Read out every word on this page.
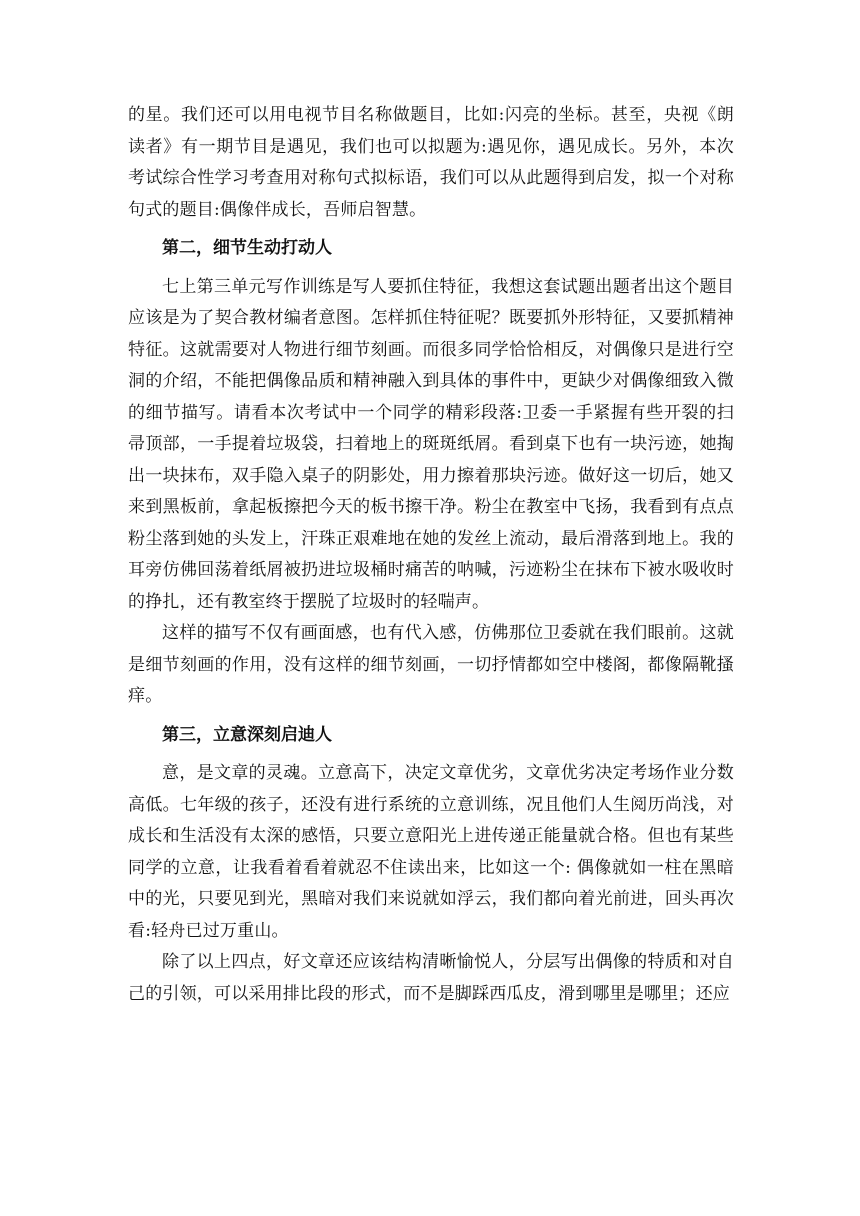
的星。我们还可以用电视节目名称做题目，比如:闪亮的坐标。甚至，央视《朗读者》有一期节目是遇见，我们也可以拟题为:遇见你，遇见成长。另外，本次考试综合性学习考查用对称句式拟标语，我们可以从此题得到启发，拟一个对称句式的题目:偶像伴成长，吾师启智慧。

第二，细节生动打动人

七上第三单元写作训练是写人要抓住特征，我想这套试题出题者出这个题目应该是为了契合教材编者意图。怎样抓住特征呢？既要抓外形特征，又要抓精神特征。这就需要对人物进行细节刻画。而很多同学恰恰相反，对偶像只是进行空洞的介绍，不能把偶像品质和精神融入到具体的事件中，更缺少对偶像细致入微的细节描写。请看本次考试中一个同学的精彩段落:卫委一手紧握有些开裂的扫帚顶部，一手提着垃圾袋，扫着地上的斑斑纸屑。看到桌下也有一块污迹，她掏出一块抹布，双手隐入桌子的阴影处，用力擦着那块污迹。做好这一切后，她又来到黑板前，拿起板擦把今天的板书擦干净。粉尘在教室中飞扬，我看到有点点粉尘落到她的头发上，汗珠正艰难地在她的发丝上流动，最后滑落到地上。我的耳旁仿佛回荡着纸屑被扔进垃圾桶时痛苦的呐喊，污迹粉尘在抹布下被水吸收时的挣扎，还有教室终于摆脱了垃圾时的轻喘声。

这样的描写不仅有画面感，也有代入感，仿佛那位卫委就在我们眼前。这就是细节刻画的作用，没有这样的细节刻画，一切抒情都如空中楼阁，都像隔靴搔痒。

第三，立意深刻启迪人

意，是文章的灵魂。立意高下，决定文章优劣，文章优劣决定考场作业分数高低。七年级的孩子，还没有进行系统的立意训练，况且他们人生阅历尚浅，对成长和生活没有太深的感悟，只要立意阳光上进传递正能量就合格。但也有某些同学的立意，让我看着看着就忍不住读出来，比如这一个: 偶像就如一柱在黑暗中的光，只要见到光，黑暗对我们来说就如浮云，我们都向着光前进，回头再次看:轻舟已过万重山。

除了以上四点，好文章还应该结构清晰愉悦人，分层写出偶像的特质和对自己的引领，可以采用排比段的形式，而不是脚踩西瓜皮，滑到哪里是哪里；还应
